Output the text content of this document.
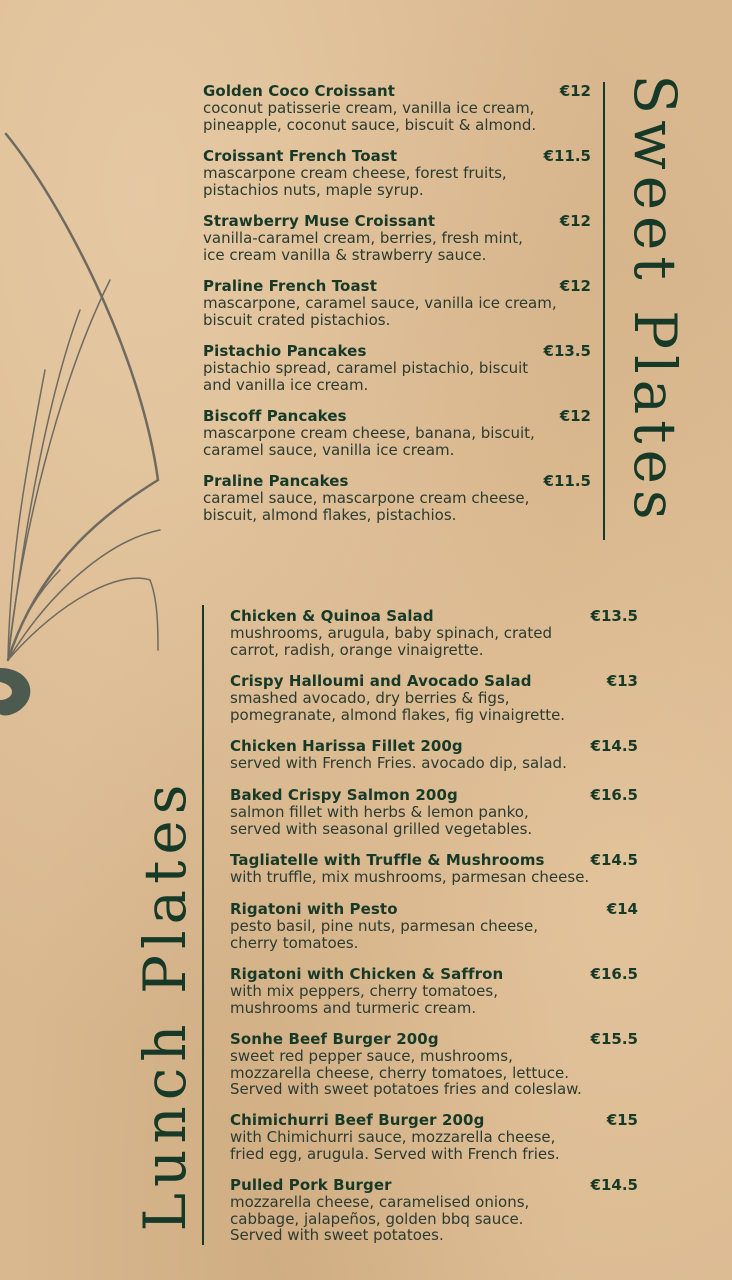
Sweet Plates
Golden Coco Croissant	€12
coconut patisserie cream, vanilla ice cream,
pineapple, coconut sauce, biscuit & almond.
Croissant French Toast	€11.5
mascarpone cream cheese, forest fruits,
pistachios nuts, maple syrup.
Strawberry Muse Croissant	€12
vanilla-caramel cream, berries, fresh mint,
ice cream vanilla & strawberry sauce.
Praline French Toast	€12
mascarpone, caramel sauce, vanilla ice cream,
biscuit crated pistachios.
Pistachio Pancakes	€13.5
pistachio spread, caramel pistachio, biscuit
and vanilla ice cream.
Biscoff Pancakes	€12
mascarpone cream cheese, banana, biscuit,
caramel sauce, vanilla ice cream.
Praline Pancakes	€11.5
caramel sauce, mascarpone cream cheese,
biscuit, almond flakes, pistachios.
Lunch Plates
Chicken & Quinoa Salad	€13.5
mushrooms, arugula, baby spinach, crated
carrot, radish, orange vinaigrette.
Crispy Halloumi and Avocado Salad	€13
smashed avocado, dry berries & figs,
pomegranate, almond flakes, fig vinaigrette.
Chicken Harissa Fillet 200g	€14.5
served with French Fries. avocado dip, salad.
Baked Crispy Salmon 200g	€16.5
salmon fillet with herbs & lemon panko,
served with seasonal grilled vegetables.
Tagliatelle with Truffle & Mushrooms	€14.5
with truffle, mix mushrooms, parmesan cheese.
Rigatoni with Pesto	€14
pesto basil, pine nuts, parmesan cheese,
cherry tomatoes.
Rigatoni with Chicken & Saffron	€16.5
with mix peppers, cherry tomatoes,
mushrooms and turmeric cream.
Sonhe Beef Burger 200g	€15.5
sweet red pepper sauce, mushrooms,
mozzarella cheese, cherry tomatoes, lettuce.
Served with sweet potatoes fries and coleslaw.
Chimichurri Beef Burger 200g	€15
with Chimichurri sauce, mozzarella cheese,
fried egg, arugula. Served with French fries.
Pulled Pork Burger	€14.5
mozzarella cheese, caramelised onions,
cabbage, jalapeños, golden bbq sauce.
Served with sweet potatoes.
